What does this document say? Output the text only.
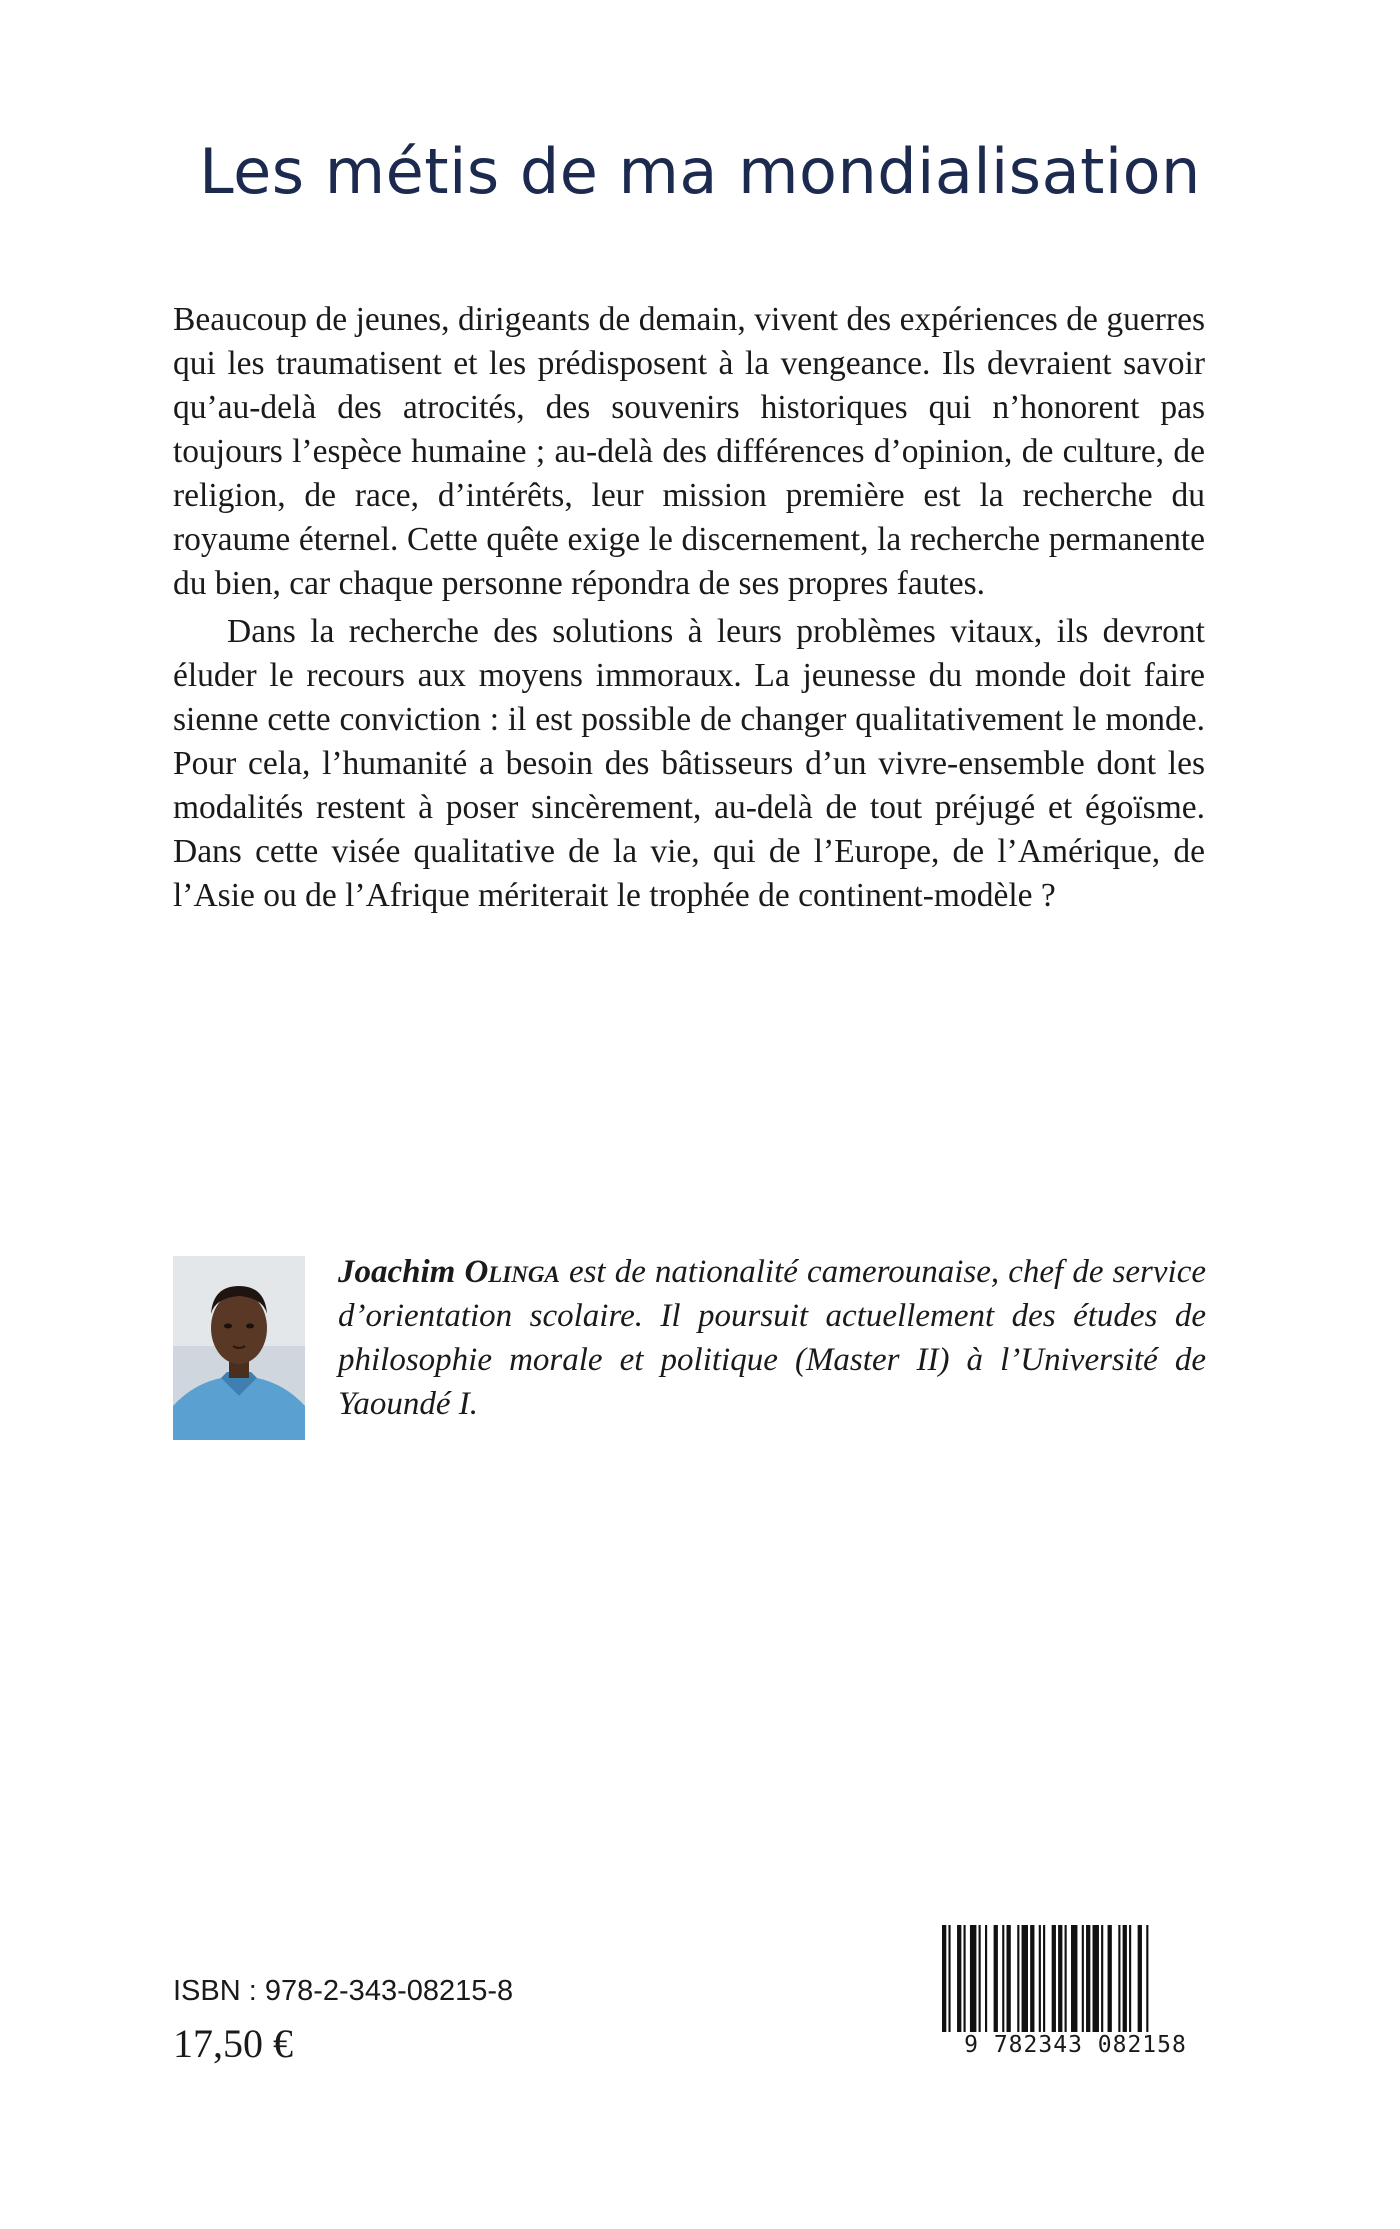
Les métis de ma mondialisation

Beaucoup de jeunes, dirigeants de demain, vivent des expériences de guerres qui les traumatisent et les prédisposent à la vengeance. Ils devraient savoir qu’au-delà des atrocités, des souvenirs historiques qui n’honorent pas toujours l’espèce humaine ; au-delà des différences d’opinion, de culture, de religion, de race, d’intérêts, leur mission première est la recherche du royaume éternel. Cette quête exige le discernement, la recherche permanente du bien, car chaque personne répondra de ses propres fautes.

Dans la recherche des solutions à leurs problèmes vitaux, ils devront éluder le recours aux moyens immoraux. La jeunesse du monde doit faire sienne cette conviction : il est possible de changer qualitativement le monde. Pour cela, l’humanité a besoin des bâtisseurs d’un vivre-ensemble dont les modalités restent à poser sincèrement, au-delà de tout préjugé et égoïsme. Dans cette visée qualitative de la vie, qui de l’Europe, de l’Amérique, de l’Asie ou de l’Afrique mériterait le trophée de continent-modèle ?

Joachim Olinga est de nationalité camerounaise, chef de service d’orientation scolaire. Il poursuit actuellement des études de philosophie morale et politique (Master II) à l’Université de Yaoundé I.
ISBN : 978-2-343-08215-8
17,50 €	9 782343 082158
